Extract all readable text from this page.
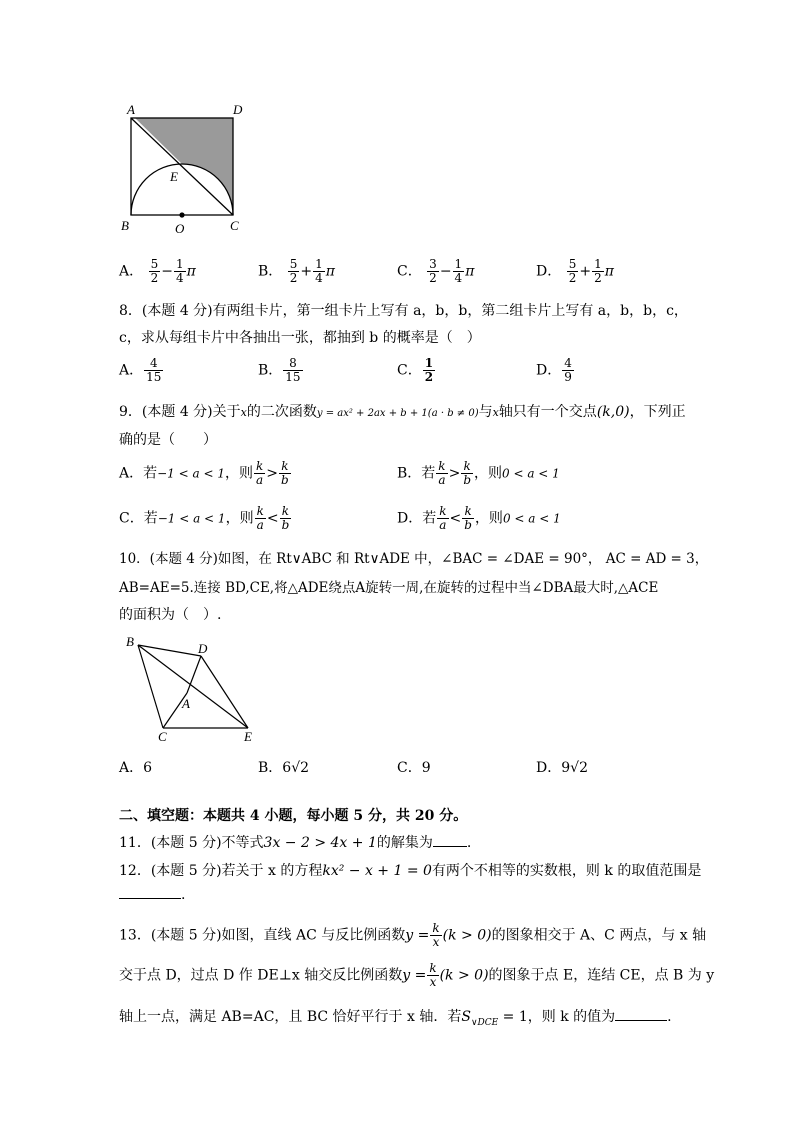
A	D
E
B	O	C
A． $\frac{5}{2} - \frac{1}{4}$ π	B． $\frac{5}{2} + \frac{1}{4}$ π	C． $\frac{3}{2} - \frac{1}{4}$ π	D． $\frac{5}{2} + \frac{1}{2}$ π
8．(本题 4 分)有两组卡片，第一组卡片上写有 a，b，b，第二组卡片上写有 a，b，b，c，
c，求从每组卡片中各抽出一张，都抽到 b 的概率是（　）
A． $\frac{4}{15}$	B． $\frac{8}{15}$	C． $\frac{1}{2}$	D． $\frac{4}{9}$
9．(本题 4 分)关于x的二次函数y = ax² + 2ax + b + 1(a · b ≠ 0)与x轴只有一个交点(k,0)，下列正
确的是（　　）
A．若−1 < a < 1，则 $\frac{k}{a} > \frac{k}{b}$	B．若 $\frac{k}{a} > \frac{k}{b}$ ，则0 < a < 1
C．若−1 < a < 1，则 $\frac{k}{a} < \frac{k}{b}$	D．若 $\frac{k}{a} < \frac{k}{b}$ ，则0 < a < 1
10．(本题 4 分)如图，在 Rt∨ABC 和 Rt∨ADE 中，∠BAC = ∠DAE = 90°， AC = AD = 3，
AB=AE=5.连接 BD,CE,将△ADE绕点A旋转一周,在旋转的过程中当∠DBA最大时,△ACE
的面积为（　）.
B	D
A
C	E
A．6	B．6√2	C．9	D．9√2
二、填空题：本题共 4 小题，每小题 5 分，共 20 分。
11．(本题 5 分)不等式3x − 2 > 4x + 1的解集为 .
12．(本题 5 分)若关于 x 的方程kx² − x + 1 = 0有两个不相等的实数根，则 k 的取值范围是
.
13．(本题 5 分)如图，直线 AC 与反比例函数$y = \frac{k}{x} (k > 0)$的图象相交于 A、C 两点，与 x 轴
交于点 D，过点 D 作 DE⊥x 轴交反比例函数$y = \frac{k}{x} (k > 0)$的图象于点 E，连结 CE，点 B 为 y
轴上一点，满足 AB=AC，且 BC 恰好平行于 x 轴．若$S_{\vee DCE} = 1$，则 k 的值为	.
